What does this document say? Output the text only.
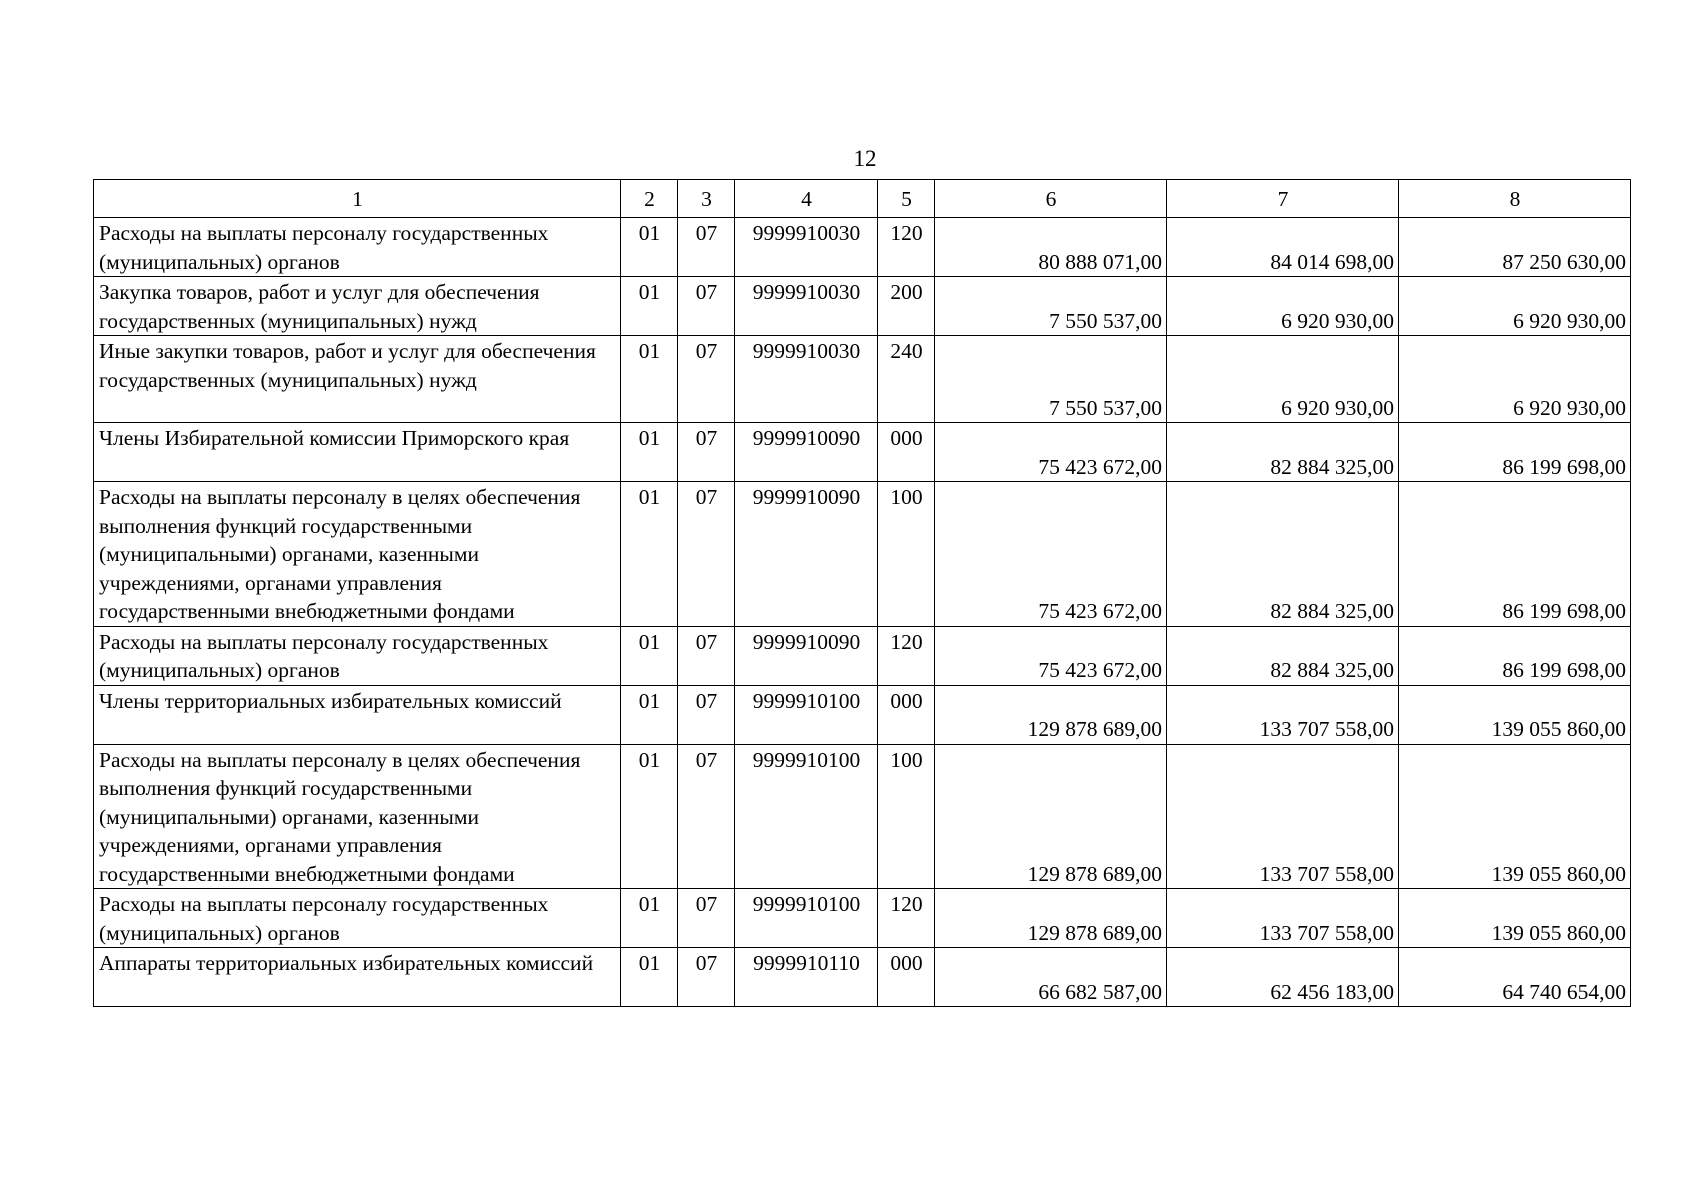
12
1	2	3	4	5	6	7	8
Расходы на выплаты персоналу государственных (муниципальных) органов	01	07	9999910030	120	80 888 071,00	84 014 698,00	87 250 630,00
Закупка товаров, работ и услуг для обеспечения государственных (муниципальных) нужд	01	07	9999910030	200	7 550 537,00	6 920 930,00	6 920 930,00
Иные закупки товаров, работ и услуг для обеспечения государственных (муниципальных) нужд	01	07	9999910030	240	7 550 537,00	6 920 930,00	6 920 930,00
Члены Избирательной комиссии Приморского края	01	07	9999910090	000	75 423 672,00	82 884 325,00	86 199 698,00
Расходы на выплаты персоналу в целях обеспечения выполнения функций государственными (муниципальными) органами, казенными учреждениями, органами управления государственными внебюджетными фондами	01	07	9999910090	100	75 423 672,00	82 884 325,00	86 199 698,00
Расходы на выплаты персоналу государственных (муниципальных) органов	01	07	9999910090	120	75 423 672,00	82 884 325,00	86 199 698,00
Члены территориальных избирательных комиссий	01	07	9999910100	000	129 878 689,00	133 707 558,00	139 055 860,00
Расходы на выплаты персоналу в целях обеспечения выполнения функций государственными (муниципальными) органами, казенными учреждениями, органами управления государственными внебюджетными фондами	01	07	9999910100	100	129 878 689,00	133 707 558,00	139 055 860,00
Расходы на выплаты персоналу государственных (муниципальных) органов	01	07	9999910100	120	129 878 689,00	133 707 558,00	139 055 860,00
Аппараты территориальных избирательных комиссий	01	07	9999910110	000	66 682 587,00	62 456 183,00	64 740 654,00
